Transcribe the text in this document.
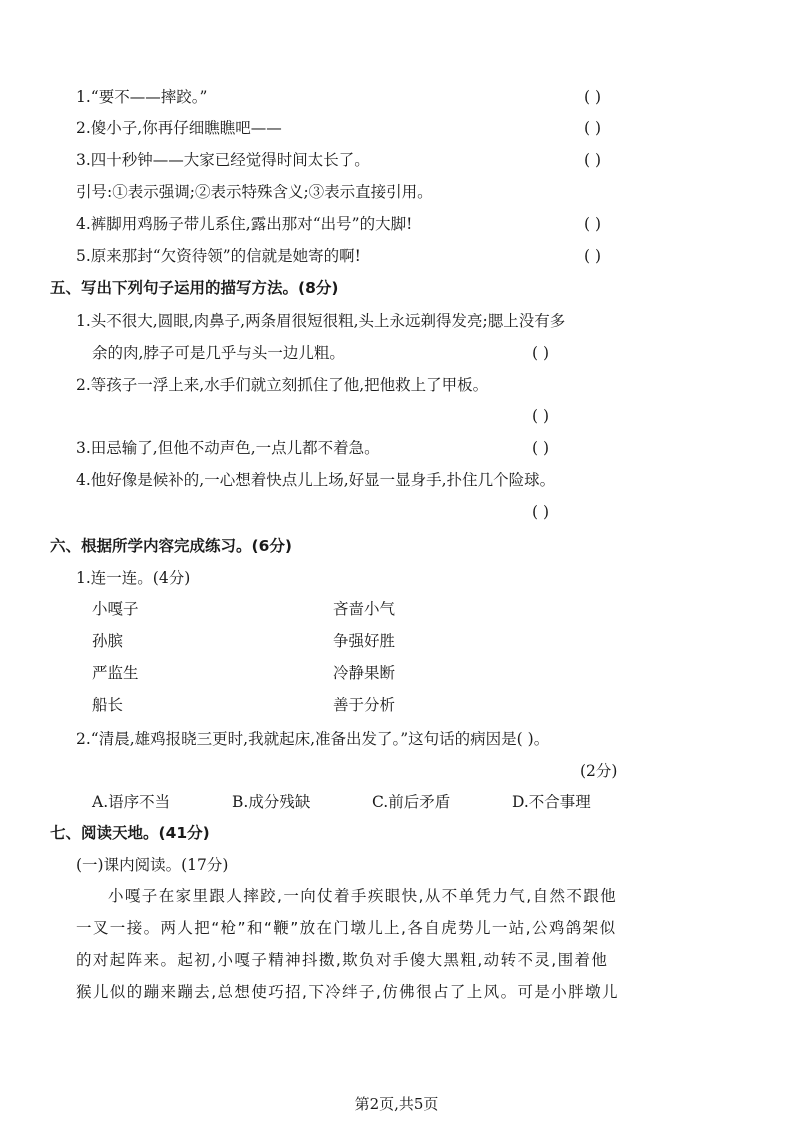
1.“要不——摔跤。”	( )
2.傻小子,你再仔细瞧瞧吧——	( )
3.四十秒钟——大家已经觉得时间太长了。	( )
引号:①表示强调;②表示特殊含义;③表示直接引用。
4.裤脚用鸡肠子带儿系住,露出那对“出号”的大脚!	( )
5.原来那封“欠资待领”的信就是她寄的啊!	( )
五、写出下列句子运用的描写方法。(8分)
1.头不很大,圆眼,肉鼻子,两条眉很短很粗,头上永远剃得发亮;腮上没有多
余的肉,脖子可是几乎与头一边儿粗。	( )
2.等孩子一浮上来,水手们就立刻抓住了他,把他救上了甲板。
( )
3.田忌输了,但他不动声色,一点儿都不着急。	( )
4.他好像是候补的,一心想着快点儿上场,好显一显身手,扑住几个险球。
( )
六、根据所学内容完成练习。(6分)
1.连一连。(4分)
小嘎子	吝啬小气
孙膑	争强好胜
严监生	冷静果断
船长	善于分析
2.“清晨,雄鸡报晓三更时,我就起床,准备出发了。”这句话的病因是( )。
(2分)
A.语序不当	B.成分残缺	C.前后矛盾	D.不合事理
七、阅读天地。(41分)
(一)课内阅读。(17分)
小嘎子在家里跟人摔跤,一向仗着手疾眼快,从不单凭力气,自然不跟他
一叉一接。两人把“枪”和“鞭”放在门墩儿上,各自虎势儿一站,公鸡鸽架似
的对起阵来。起初,小嘎子精神抖擞,欺负对手傻大黑粗,动转不灵,围着他
猴儿似的蹦来蹦去,总想使巧招,下冷绊子,仿佛很占了上风。可是小胖墩儿
第2页,共5页
